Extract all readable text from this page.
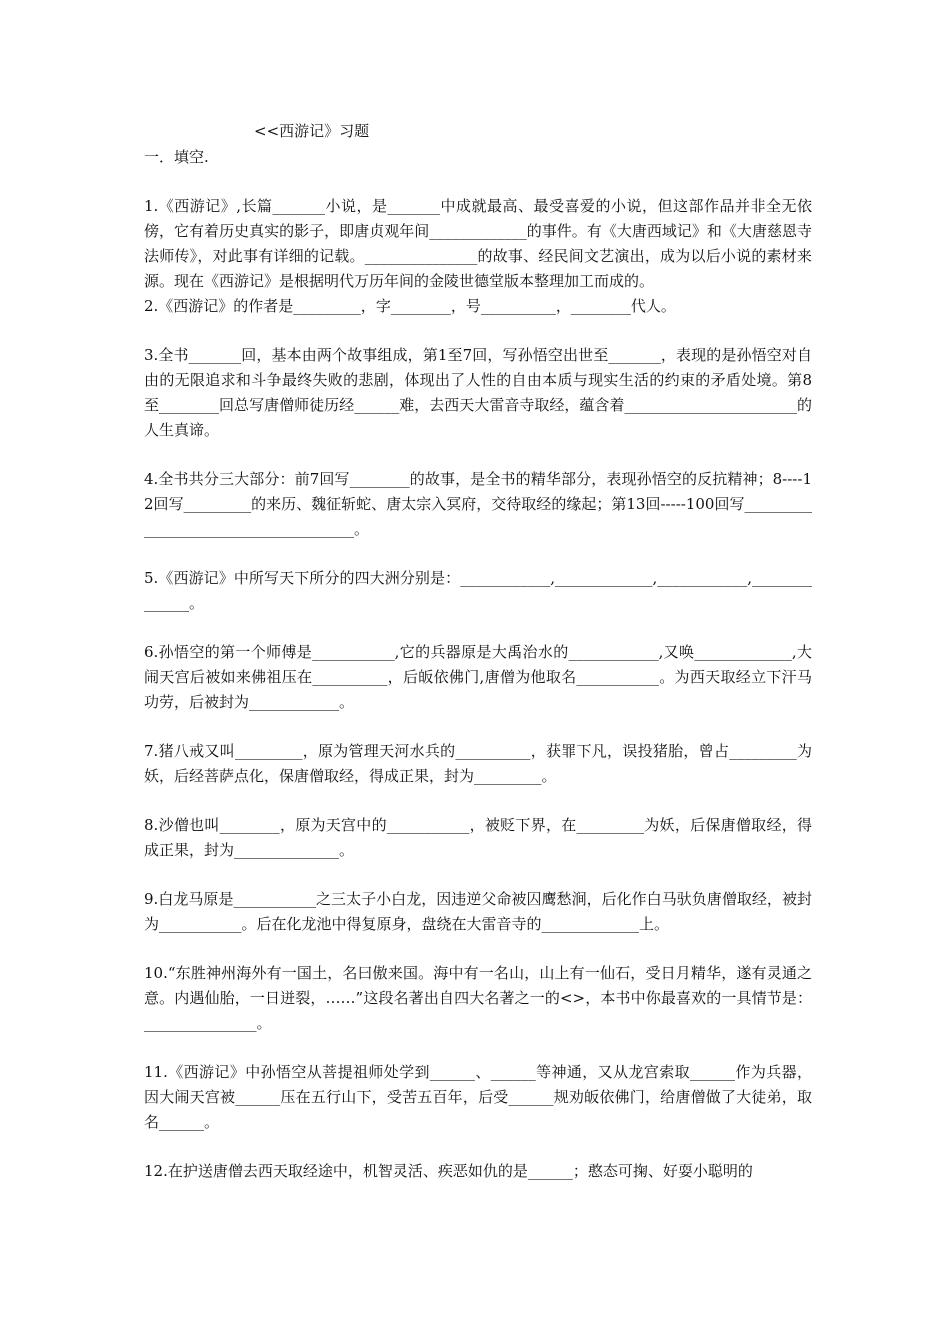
<<西游记》习题

一．填空.

1.《西游记》,长篇_______小说，是_______中成就最高、最受喜爱的小说，但这部作品并非全无依傍，它有着历史真实的影子，即唐贞观年间_____________的事件。有《大唐西域记》和《大唐慈恩寺法师传》，对此事有详细的记载。_______________的故事、经民间文艺演出，成为以后小说的素材来源。现在《西游记》是根据明代万历年间的金陵世德堂版本整理加工而成的。

2.《西游记》的作者是_________，字________，号__________，________代人。

3.全书_______回，基本由两个故事组成，第1至7回，写孙悟空出世至_______，表现的是孙悟空对自由的无限追求和斗争最终失败的悲剧，体现出了人性的自由本质与现实生活的约束的矛盾处境。第8至________回总写唐僧师徒历经______难，去西天大雷音寺取经，蕴含着_______________________的人生真谛。

4.全书共分三大部分：前7回写________的故事，是全书的精华部分，表现孙悟空的反抗精神；8----12回写_________的来历、魏征斩蛇、唐太宗入冥府，交待取经的缘起；第13回-----100回写_____________________________________。

5.《西游记》中所写天下所分的四大洲分别是：____________,_____________,____________,______________。

6.孙悟空的第一个师傅是___________,它的兵器原是大禹治水的____________,又唤_____________,大闹天宫后被如来佛祖压在__________，后皈依佛门,唐僧为他取名___________。为西天取经立下汗马功劳，后被封为____________。

7.猪八戒又叫_________，原为管理天河水兵的__________，获罪下凡，误投猪胎，曾占_________为妖，后经菩萨点化，保唐僧取经，得成正果，封为_________。

8.沙僧也叫________，原为天宫中的___________，被贬下界，在_________为妖，后保唐僧取经，得成正果，封为______________。

9.白龙马原是___________之三太子小白龙，因违逆父命被囚鹰愁涧，后化作白马驮负唐僧取经，被封为___________。后在化龙池中得复原身，盘绕在大雷音寺的_____________上。

10.“东胜神州海外有一国土，名曰傲来国。海中有一名山，山上有一仙石，受日月精华，遂有灵通之意。内遇仙胎，一日迸裂，……”这段名著出自四大名著之一的<>，本书中你最喜欢的一具情节是：_______________。

11.《西游记》中孙悟空从菩提祖师处学到______、______等神通，又从龙宫索取______作为兵器，因大闹天宫被______压在五行山下，受苦五百年，后受______规劝皈依佛门，给唐僧做了大徒弟，取名______。

12.在护送唐僧去西天取经途中，机智灵活、疾恶如仇的是______；憨态可掬、好耍小聪明的
